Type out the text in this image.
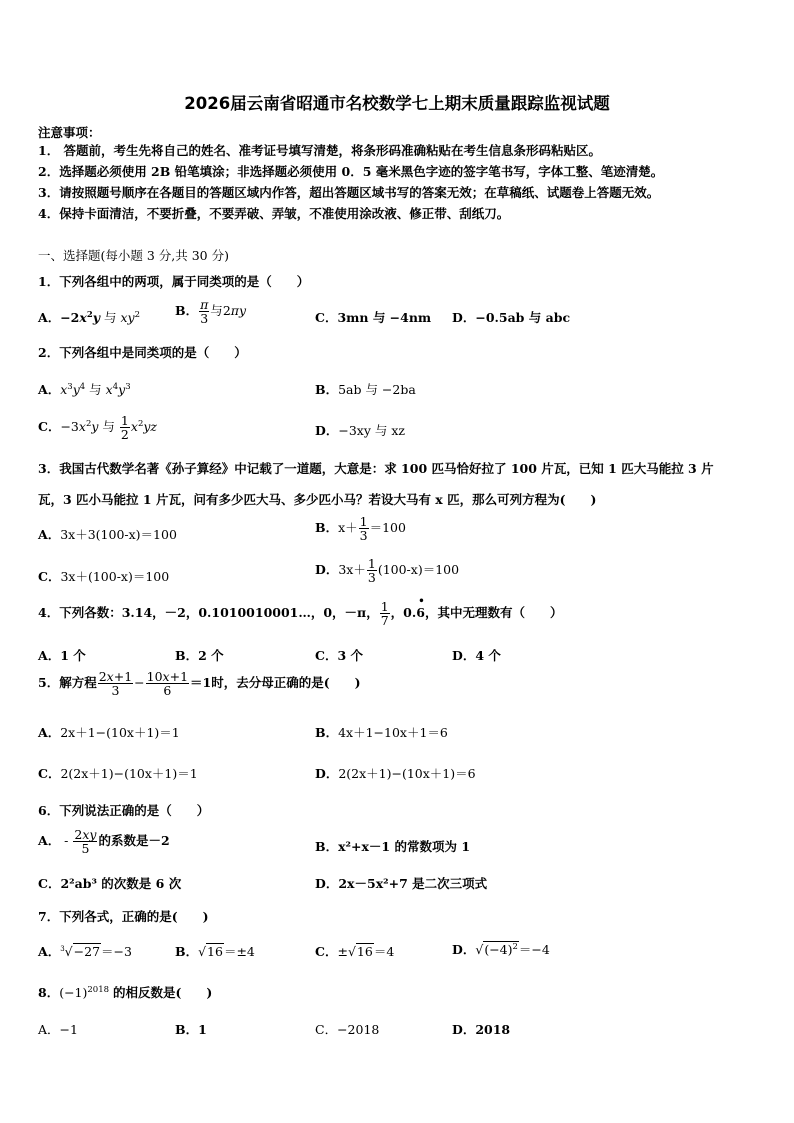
2026届云南省昭通市名校数学七上期末质量跟踪监视试题
注意事项：
1． 答题前，考生先将自己的姓名、准考证号填写清楚，将条形码准确粘贴在考生信息条形码粘贴区。
2．选择题必须使用 2B 铅笔填涂；非选择题必须使用 0．5 毫米黑色字迹的签字笔书写，字体工整、笔迹清楚。
3．请按照题号顺序在各题目的答题区域内作答，超出答题区域书写的答案无效；在草稿纸、试题卷上答题无效。
4．保持卡面清洁，不要折叠，不要弄破、弄皱，不准使用涂改液、修正带、刮纸刀。
一、选择题(每小题 3 分,共 30 分)
1．下列各组中的两项，属于同类项的是（　　）
A．$-2x^2y$ 与 $xy^2$	B． $\frac{\pi}{3}$ 与2πy	C．3mn 与 −4nm D．−0.5ab 与 abc
2．下列各组中是同类项的是（　　）
A．$x^3y^4$ 与 $x^4y^3$	B．5ab 与 −2ba
C．$-3x^2y$ 与 $\frac{1}{2} x^2yz$	D．−3xy 与 xz
3．我国古代数学名著《孙子算经》中记载了一道题，大意是：求 100 匹马恰好拉了 100 片瓦，已知 1 匹大马能拉 3 片
瓦，3 匹小马能拉 1 片瓦，问有多少匹大马、多少匹小马？若设大马有 x 匹，那么可列方程为(　　)
A．3x＋3(100-x)＝100	B．$x+ \frac{1}{3} =100$
C．3x＋(100-x)＝100	D．$3x+ \frac{1}{3} (100-x)=100$
4．下列各数：3.14，－2，0.1010010001…，0，－π， $\frac{1}{7}$ ，0.6
•
，其中无理数有（　　）
A．1 个	B．2 个	C．3 个	D．4 个
5．解方程 $\frac{2x+1}{3} - \frac{10x+1}{6} =1$时，去分母正确的是(　　)
A．2x＋1−(10x＋1)＝1	B．4x＋1−10x＋1＝6
C．2(2x＋1)−(10x＋1)＝1	D．2(2x＋1)−(10x＋1)＝6
6．下列说法正确的是（　　）
A． - $\frac{2xy}{5}$ 的系数是－2	B．x²+x－1 的常数项为 1
C．2²ab³ 的次数是 6 次	D．2x－5x²+7 是二次三项式
7．下列各式，正确的是(　　)
A．$^3$√−27＝−3	B．√16＝±4	C．±√16＝4	D．$√(-4)^2=-4$
8．$(-1)^{2018}$ 的相反数是(　　)
A．−1	B．1	C．−2018	D．2018
